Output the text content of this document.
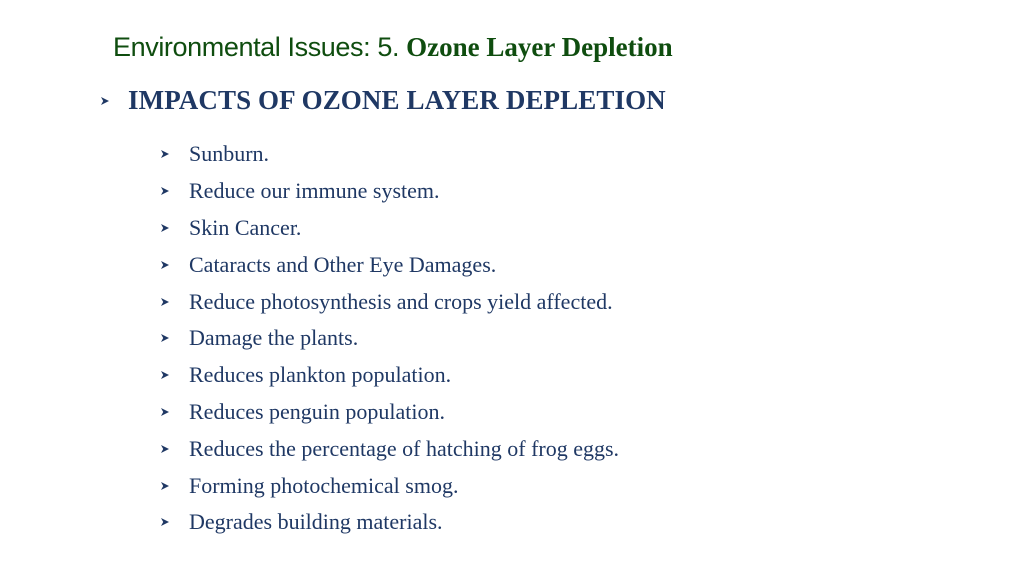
Environmental Issues: 5. Ozone Layer Depletion
IMPACTS OF OZONE LAYER DEPLETION
Sunburn.
Reduce our immune system.
Skin Cancer.
Cataracts and Other Eye Damages.
Reduce photosynthesis and crops yield affected.
Damage the plants.
Reduces plankton population.
Reduces penguin population.
Reduces the percentage of hatching of frog eggs.
Forming photochemical smog.
Degrades building materials.
